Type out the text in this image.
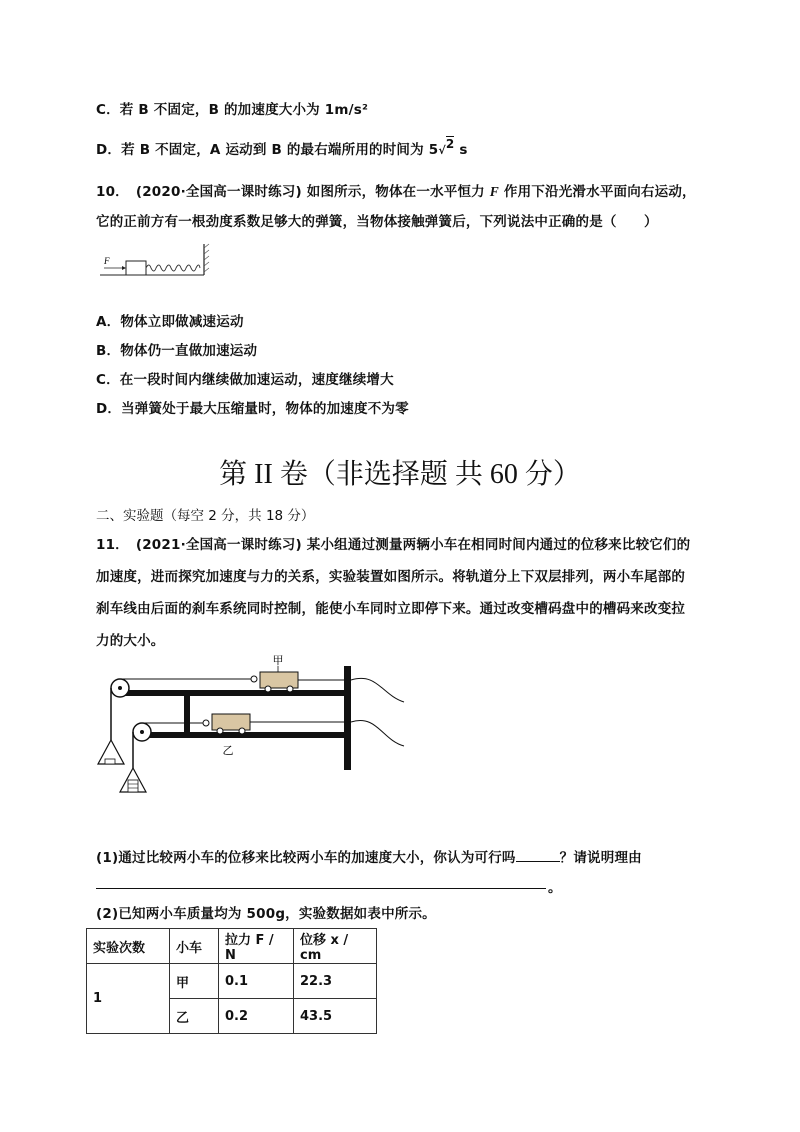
C．若 B 不固定，B 的加速度大小为 1m/s²
D．若 B 不固定，A 运动到 B 的最右端所用的时间为 5√2 s
10．　(2020·全国高一课时练习) 如图所示，物体在一水平恒力 F 作用下沿光滑水平面向右运动，
它的正前方有一根劲度系数足够大的弹簧，当物体接触弹簧后，下列说法中正确的是（　　）
F
A．物体立即做减速运动
B．物体仍一直做加速运动
C．在一段时间内继续做加速运动，速度继续增大
D．当弹簧处于最大压缩量时，物体的加速度不为零
第 II 卷（非选择题 共 60 分）
二、实验题（每空 2 分，共 18 分）
11．　(2021·全国高一课时练习) 某小组通过测量两辆小车在相同时间内通过的位移来比较它们的
加速度，进而探究加速度与力的关系，实验装置如图所示。将轨道分上下双层排列，两小车尾部的
刹车线由后面的刹车系统同时控制，能使小车同时立即停下来。通过改变槽码盘中的槽码来改变拉
力的大小。
甲
乙
(1)通过比较两小车的位移来比较两小车的加速度大小，你认为可行吗	？请说明理由
。
(2)已知两小车质量均为 500g，实验数据如表中所示。
实验次数	小车	拉力 F / N	位移 x / cm
1	甲	0.1	22.3
	乙	0.2	43.5
